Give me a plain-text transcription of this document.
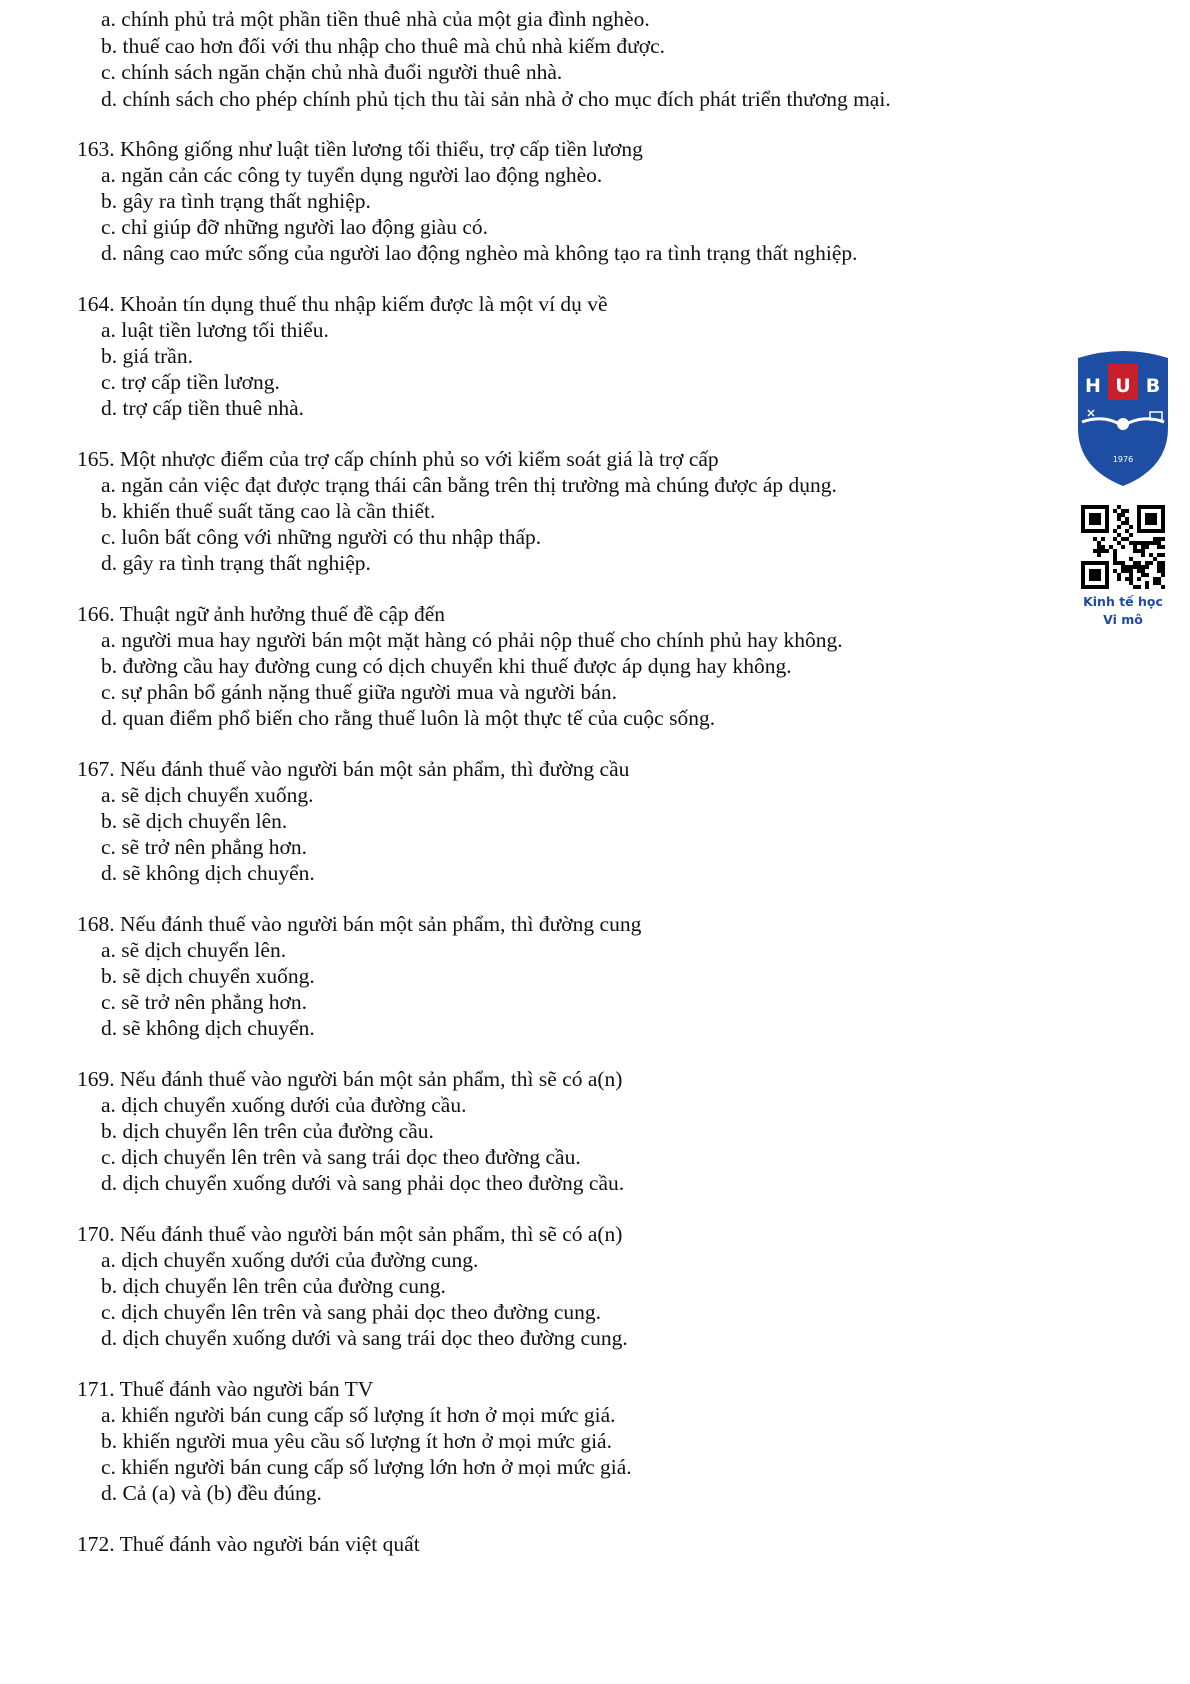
a. chính phủ trả một phần tiền thuê nhà của một gia đình nghèo.
b. thuế cao hơn đối với thu nhập cho thuê mà chủ nhà kiếm được.
c. chính sách ngăn chặn chủ nhà đuổi người thuê nhà.
d. chính sách cho phép chính phủ tịch thu tài sản nhà ở cho mục đích phát triển thương mại.
163. Không giống như luật tiền lương tối thiểu, trợ cấp tiền lương
a. ngăn cản các công ty tuyển dụng người lao động nghèo.
b. gây ra tình trạng thất nghiệp.
c. chỉ giúp đỡ những người lao động giàu có.
d. nâng cao mức sống của người lao động nghèo mà không tạo ra tình trạng thất nghiệp.
164. Khoản tín dụng thuế thu nhập kiếm được là một ví dụ về
a. luật tiền lương tối thiểu.
b. giá trần.
c. trợ cấp tiền lương.
d. trợ cấp tiền thuê nhà.
165. Một nhược điểm của trợ cấp chính phủ so với kiểm soát giá là trợ cấp
a. ngăn cản việc đạt được trạng thái cân bằng trên thị trường mà chúng được áp dụng.
b. khiến thuế suất tăng cao là cần thiết.
c. luôn bất công với những người có thu nhập thấp.
d. gây ra tình trạng thất nghiệp.
166. Thuật ngữ ảnh hưởng thuế đề cập đến
a. người mua hay người bán một mặt hàng có phải nộp thuế cho chính phủ hay không.
b. đường cầu hay đường cung có dịch chuyển khi thuế được áp dụng hay không.
c. sự phân bổ gánh nặng thuế giữa người mua và người bán.
d. quan điểm phổ biến cho rằng thuế luôn là một thực tế của cuộc sống.
167. Nếu đánh thuế vào người bán một sản phẩm, thì đường cầu
a. sẽ dịch chuyển xuống.
b. sẽ dịch chuyển lên.
c. sẽ trở nên phẳng hơn.
d. sẽ không dịch chuyển.
168. Nếu đánh thuế vào người bán một sản phẩm, thì đường cung
a. sẽ dịch chuyển lên.
b. sẽ dịch chuyển xuống.
c. sẽ trở nên phẳng hơn.
d. sẽ không dịch chuyển.
169. Nếu đánh thuế vào người bán một sản phẩm, thì sẽ có a(n)
a. dịch chuyển xuống dưới của đường cầu.
b. dịch chuyển lên trên của đường cầu.
c. dịch chuyển lên trên và sang trái dọc theo đường cầu.
d. dịch chuyển xuống dưới và sang phải dọc theo đường cầu.
170. Nếu đánh thuế vào người bán một sản phẩm, thì sẽ có a(n)
a. dịch chuyển xuống dưới của đường cung.
b. dịch chuyển lên trên của đường cung.
c. dịch chuyển lên trên và sang phải dọc theo đường cung.
d. dịch chuyển xuống dưới và sang trái dọc theo đường cung.
171. Thuế đánh vào người bán TV
a. khiến người bán cung cấp số lượng ít hơn ở mọi mức giá.
b. khiến người mua yêu cầu số lượng ít hơn ở mọi mức giá.
c. khiến người bán cung cấp số lượng lớn hơn ở mọi mức giá.
d. Cả (a) và (b) đều đúng.
172. Thuế đánh vào người bán việt quất
H U B
1976
Kinh tế học
Vi mô
